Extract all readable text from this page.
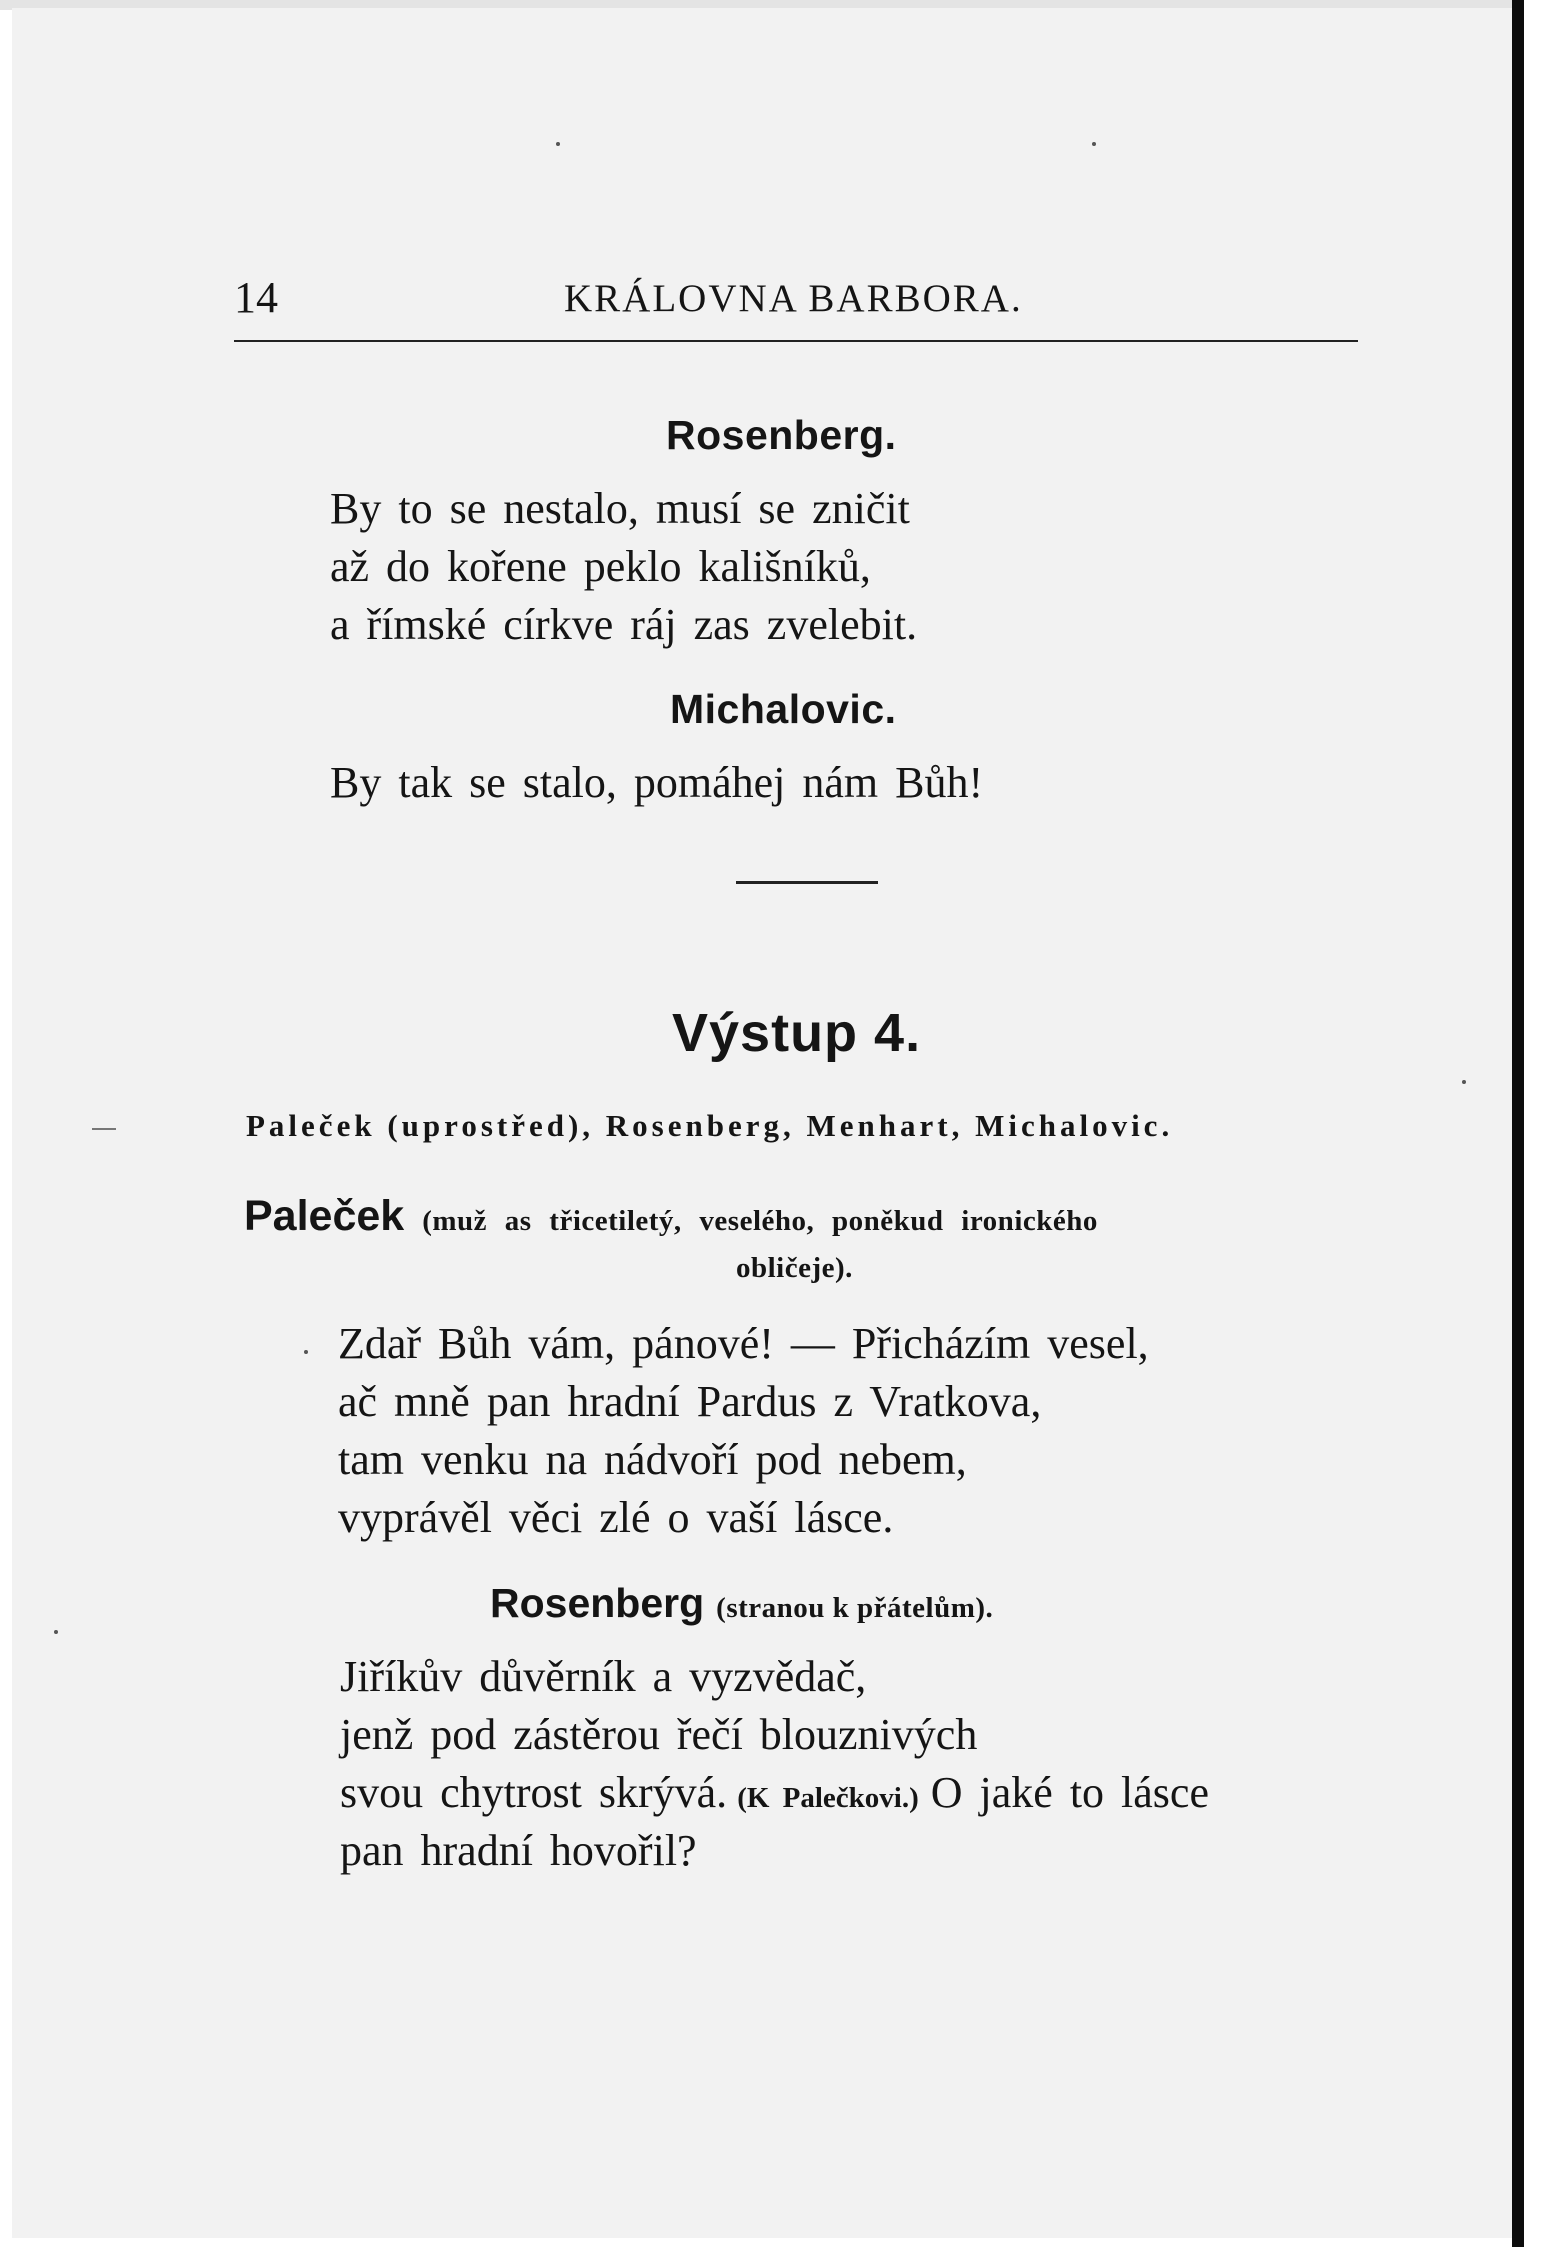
14	KRÁLOVNA BARBORA.
Rosenberg.
By to se nestalo, musí se zničit
až do kořene peklo kališníků,
a římské církve ráj zas zvelebit.
Michalovic.
By tak se stalo, pomáhej nám Bůh!
Výstup 4.
Paleček (uprostřed), Rosenberg, Menhart, Michalovic.
Paleček (muž as třicetiletý, veselého, poněkud ironického
obličeje).
Zdař Bůh vám, pánové! — Přicházím vesel,
ač mně pan hradní Pardus z Vratkova,
tam venku na nádvoří pod nebem,
vyprávěl věci zlé o vaší lásce.
Rosenberg (stranou k přátelům).
Jiříkův důvěrník a vyzvědač,
jenž pod zástěrou řečí blouznivých
svou chytrost skrývá. (K Palečkovi.) O jaké to lásce
pan hradní hovořil?
